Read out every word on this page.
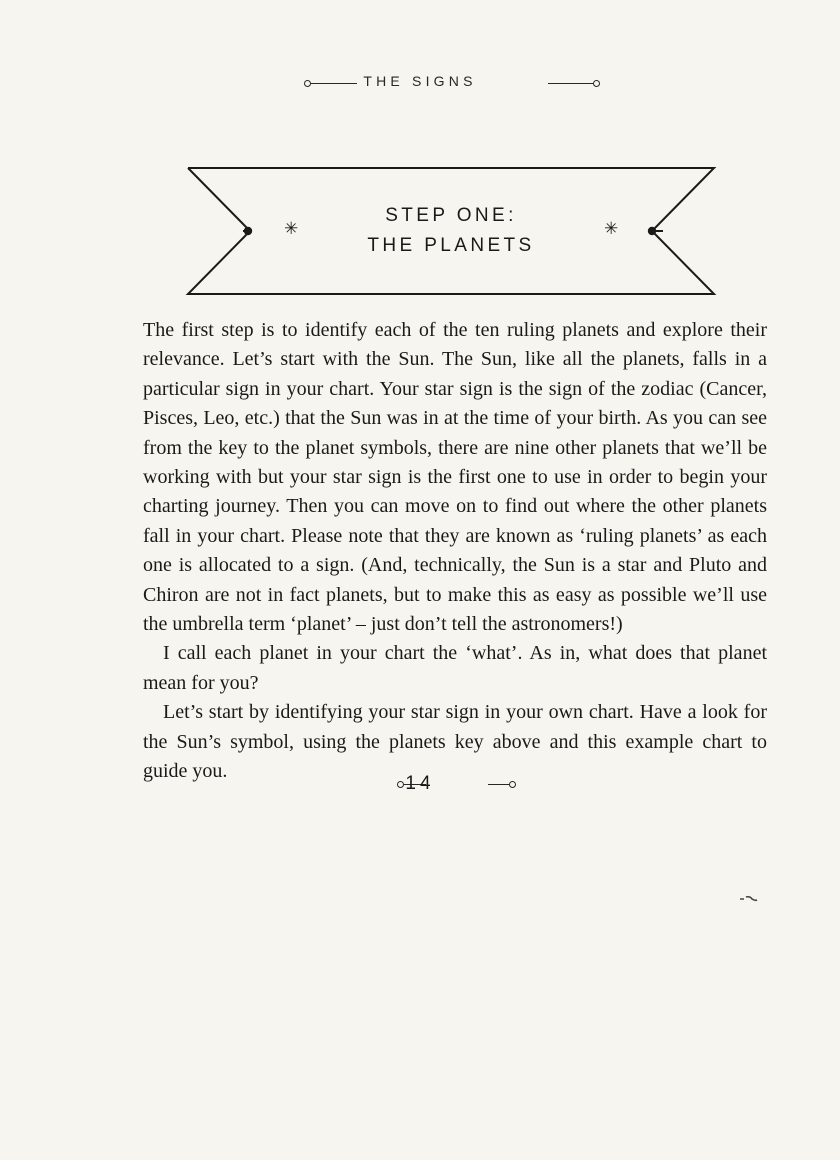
THE SIGNS
STEP ONE:
THE PLANETS
✳	✳

The first step is to identify each of the ten ruling planets and explore their relevance. Let’s start with the Sun. The Sun, like all the planets, falls in a particular sign in your chart. Your star sign is the sign of the zodiac (Cancer, Pisces, Leo, etc.) that the Sun was in at the time of your birth. As you can see from the key to the planet symbols, there are nine other planets that we’ll be working with but your star sign is the first one to use in order to begin your charting journey. Then you can move on to find out where the other planets fall in your chart. Please note that they are known as ‘ruling planets’ as each one is allocated to a sign. (And, technically, the Sun is a star and Pluto and Chiron are not in fact planets, but to make this as easy as possible we’ll use the umbrella term ‘planet’ – just don’t tell the astronomers!)

I call each planet in your chart the ‘what’. As in, what does that planet mean for you?

Let’s start by identifying your star sign in your own chart. Have a look for the Sun’s symbol, using the planets key above and this example chart to guide you.

14
